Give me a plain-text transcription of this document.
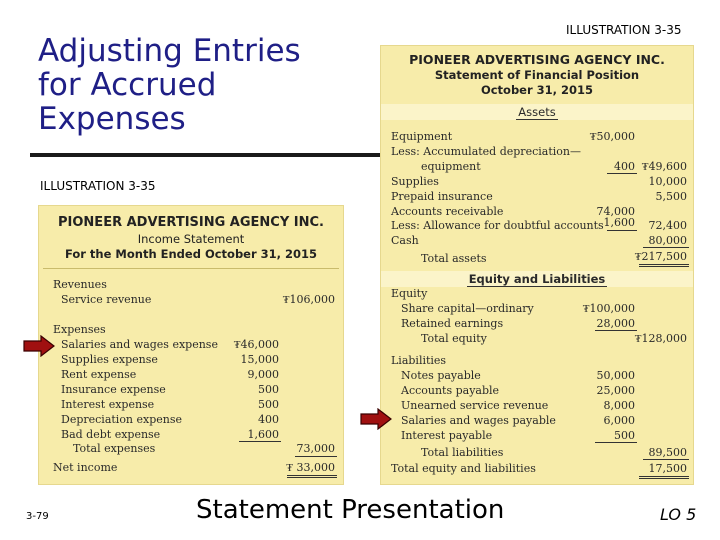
Adjusting Entries
for Accrued
Expenses
ILLUSTRATION 3-35
ILLUSTRATION 3-35
PIONEER ADVERTISING AGENCY INC.
Income Statement
For the Month Ended October 31, 2015
Revenues
Service revenue	₮106,000
Expenses
Salaries and wages expense ₮46,000
Supplies expense	15,000
Rent expense	9,000
Insurance expense	500
Interest expense	500
Depreciation expense	400
Bad debt expense	1,600
Total expenses	73,000
Net income	₮ 33,000
PIONEER ADVERTISING AGENCY INC.
Statement of Financial Position
October 31, 2015
Assets
Equipment	₮50,000
Less: Accumulated depreciation—
equipment	400 ₮49,600
Supplies	10,000
Prepaid insurance	5,500
Accounts receivable	74,000
Less: Allowance for doubtful accounts 1,600 72,400
Cash	80,000
Total assets	₮217,500
Equity and Liabilities
Equity
Share capital—ordinary	₮100,000
Retained earnings	28,000
Total equity	₮128,000
Liabilities
Notes payable	50,000
Accounts payable	25,000
Unearned service revenue	8,000
Salaries and wages payable	6,000
Interest payable	500
Total liabilities	89,500
Total equity and liabilities	17,500
3-79	Statement Presentation	LO 5
